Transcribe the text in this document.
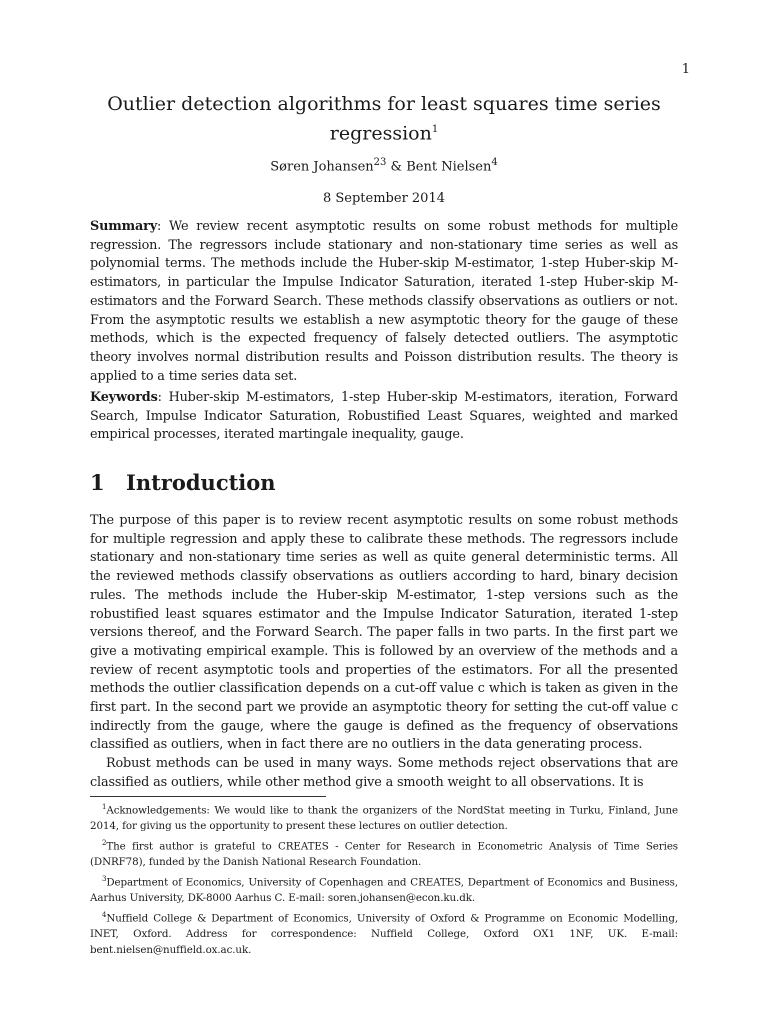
1
Outlier detection algorithms for least squares time series regression$^1$
Søren Johansen$^{23}$ & Bent Nielsen$^4$
8 September 2014

Summary: We review recent asymptotic results on some robust methods for multiple regression. The regressors include stationary and non-stationary time series as well as polynomial terms. The methods include the Huber-skip M-estimator, 1-step Huber-skip M-estimators, in particular the Impulse Indicator Saturation, iterated 1-step Huber-skip M-estimators and the Forward Search. These methods classify observations as outliers or not. From the asymptotic results we establish a new asymptotic theory for the gauge of these methods, which is the expected frequency of falsely detected outliers. The asymptotic theory involves normal distribution results and Poisson distribution results. The theory is applied to a time series data set.

Keywords: Huber-skip M-estimators, 1-step Huber-skip M-estimators, iteration, Forward Search, Impulse Indicator Saturation, Robustified Least Squares, weighted and marked empirical processes, iterated martingale inequality, gauge.

1 Introduction

The purpose of this paper is to review recent asymptotic results on some robust methods for multiple regression and apply these to calibrate these methods. The regressors include stationary and non-stationary time series as well as quite general deterministic terms. All the reviewed methods classify observations as outliers according to hard, binary decision rules. The methods include the Huber-skip M-estimator, 1-step versions such as the robustified least squares estimator and the Impulse Indicator Saturation, iterated 1-step versions thereof, and the Forward Search. The paper falls in two parts. In the first part we give a motivating empirical example. This is followed by an overview of the methods and a review of recent asymptotic tools and properties of the estimators. For all the presented methods the outlier classification depends on a cut-off value c which is taken as given in the first part. In the second part we provide an asymptotic theory for setting the cut-off value c indirectly from the gauge, where the gauge is defined as the frequency of observations classified as outliers, when in fact there are no outliers in the data generating process.

Robust methods can be used in many ways. Some methods reject observations that are classified as outliers, while other method give a smooth weight to all observations. It is

$^1$Acknowledgements: We would like to thank the organizers of the NordStat meeting in Turku, Finland, June 2014, for giving us the opportunity to present these lectures on outlier detection.

$^2$The first author is grateful to CREATES - Center for Research in Econometric Analysis of Time Series (DNRF78), funded by the Danish National Research Foundation.

$^3$Department of Economics, University of Copenhagen and CREATES, Department of Economics and Business, Aarhus University, DK-8000 Aarhus C. E-mail: soren.johansen@econ.ku.dk.

$^4$Nuffield College & Department of Economics, University of Oxford & Programme on Economic Modelling, INET, Oxford. Address for correspondence: Nuffield College, Oxford OX1 1NF, UK. E-mail: bent.nielsen@nuffield.ox.ac.uk.
